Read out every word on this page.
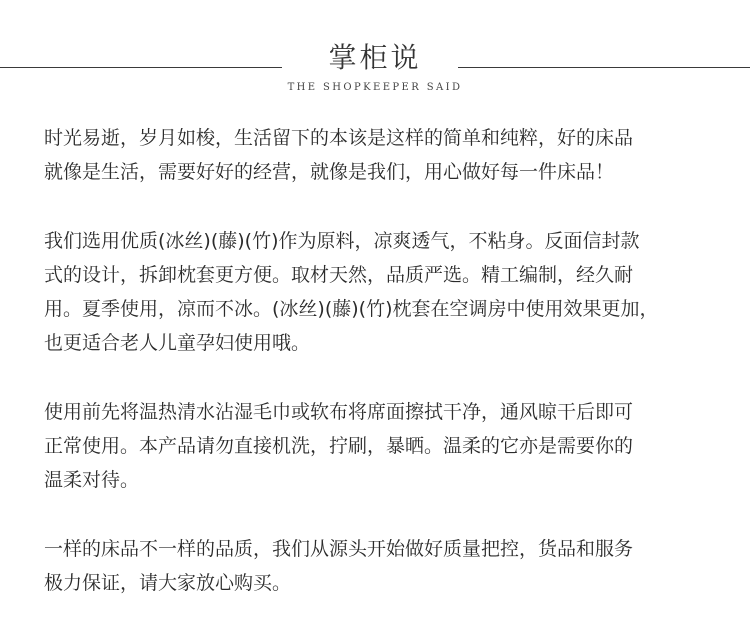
掌柜说
THE SHOPKEEPER SAID

时光易逝，岁月如梭，生活留下的本该是这样的简单和纯粹，好的床品
就像是生活，需要好好的经营，就像是我们，用心做好每一件床品！

我们选用优质(冰丝)(藤)(竹)作为原料，凉爽透气，不粘身。反面信封款
式的设计，拆卸枕套更方便。取材天然，品质严选。精工编制，经久耐
用。夏季使用，凉而不冰。(冰丝)(藤)(竹)枕套在空调房中使用效果更加，
也更适合老人儿童孕妇使用哦。

使用前先将温热清水沾湿毛巾或软布将席面擦拭干净，通风晾干后即可
正常使用。本产品请勿直接机洗，拧刷，暴晒。温柔的它亦是需要你的
温柔对待。

一样的床品不一样的品质，我们从源头开始做好质量把控，货品和服务
极力保证，请大家放心购买。
